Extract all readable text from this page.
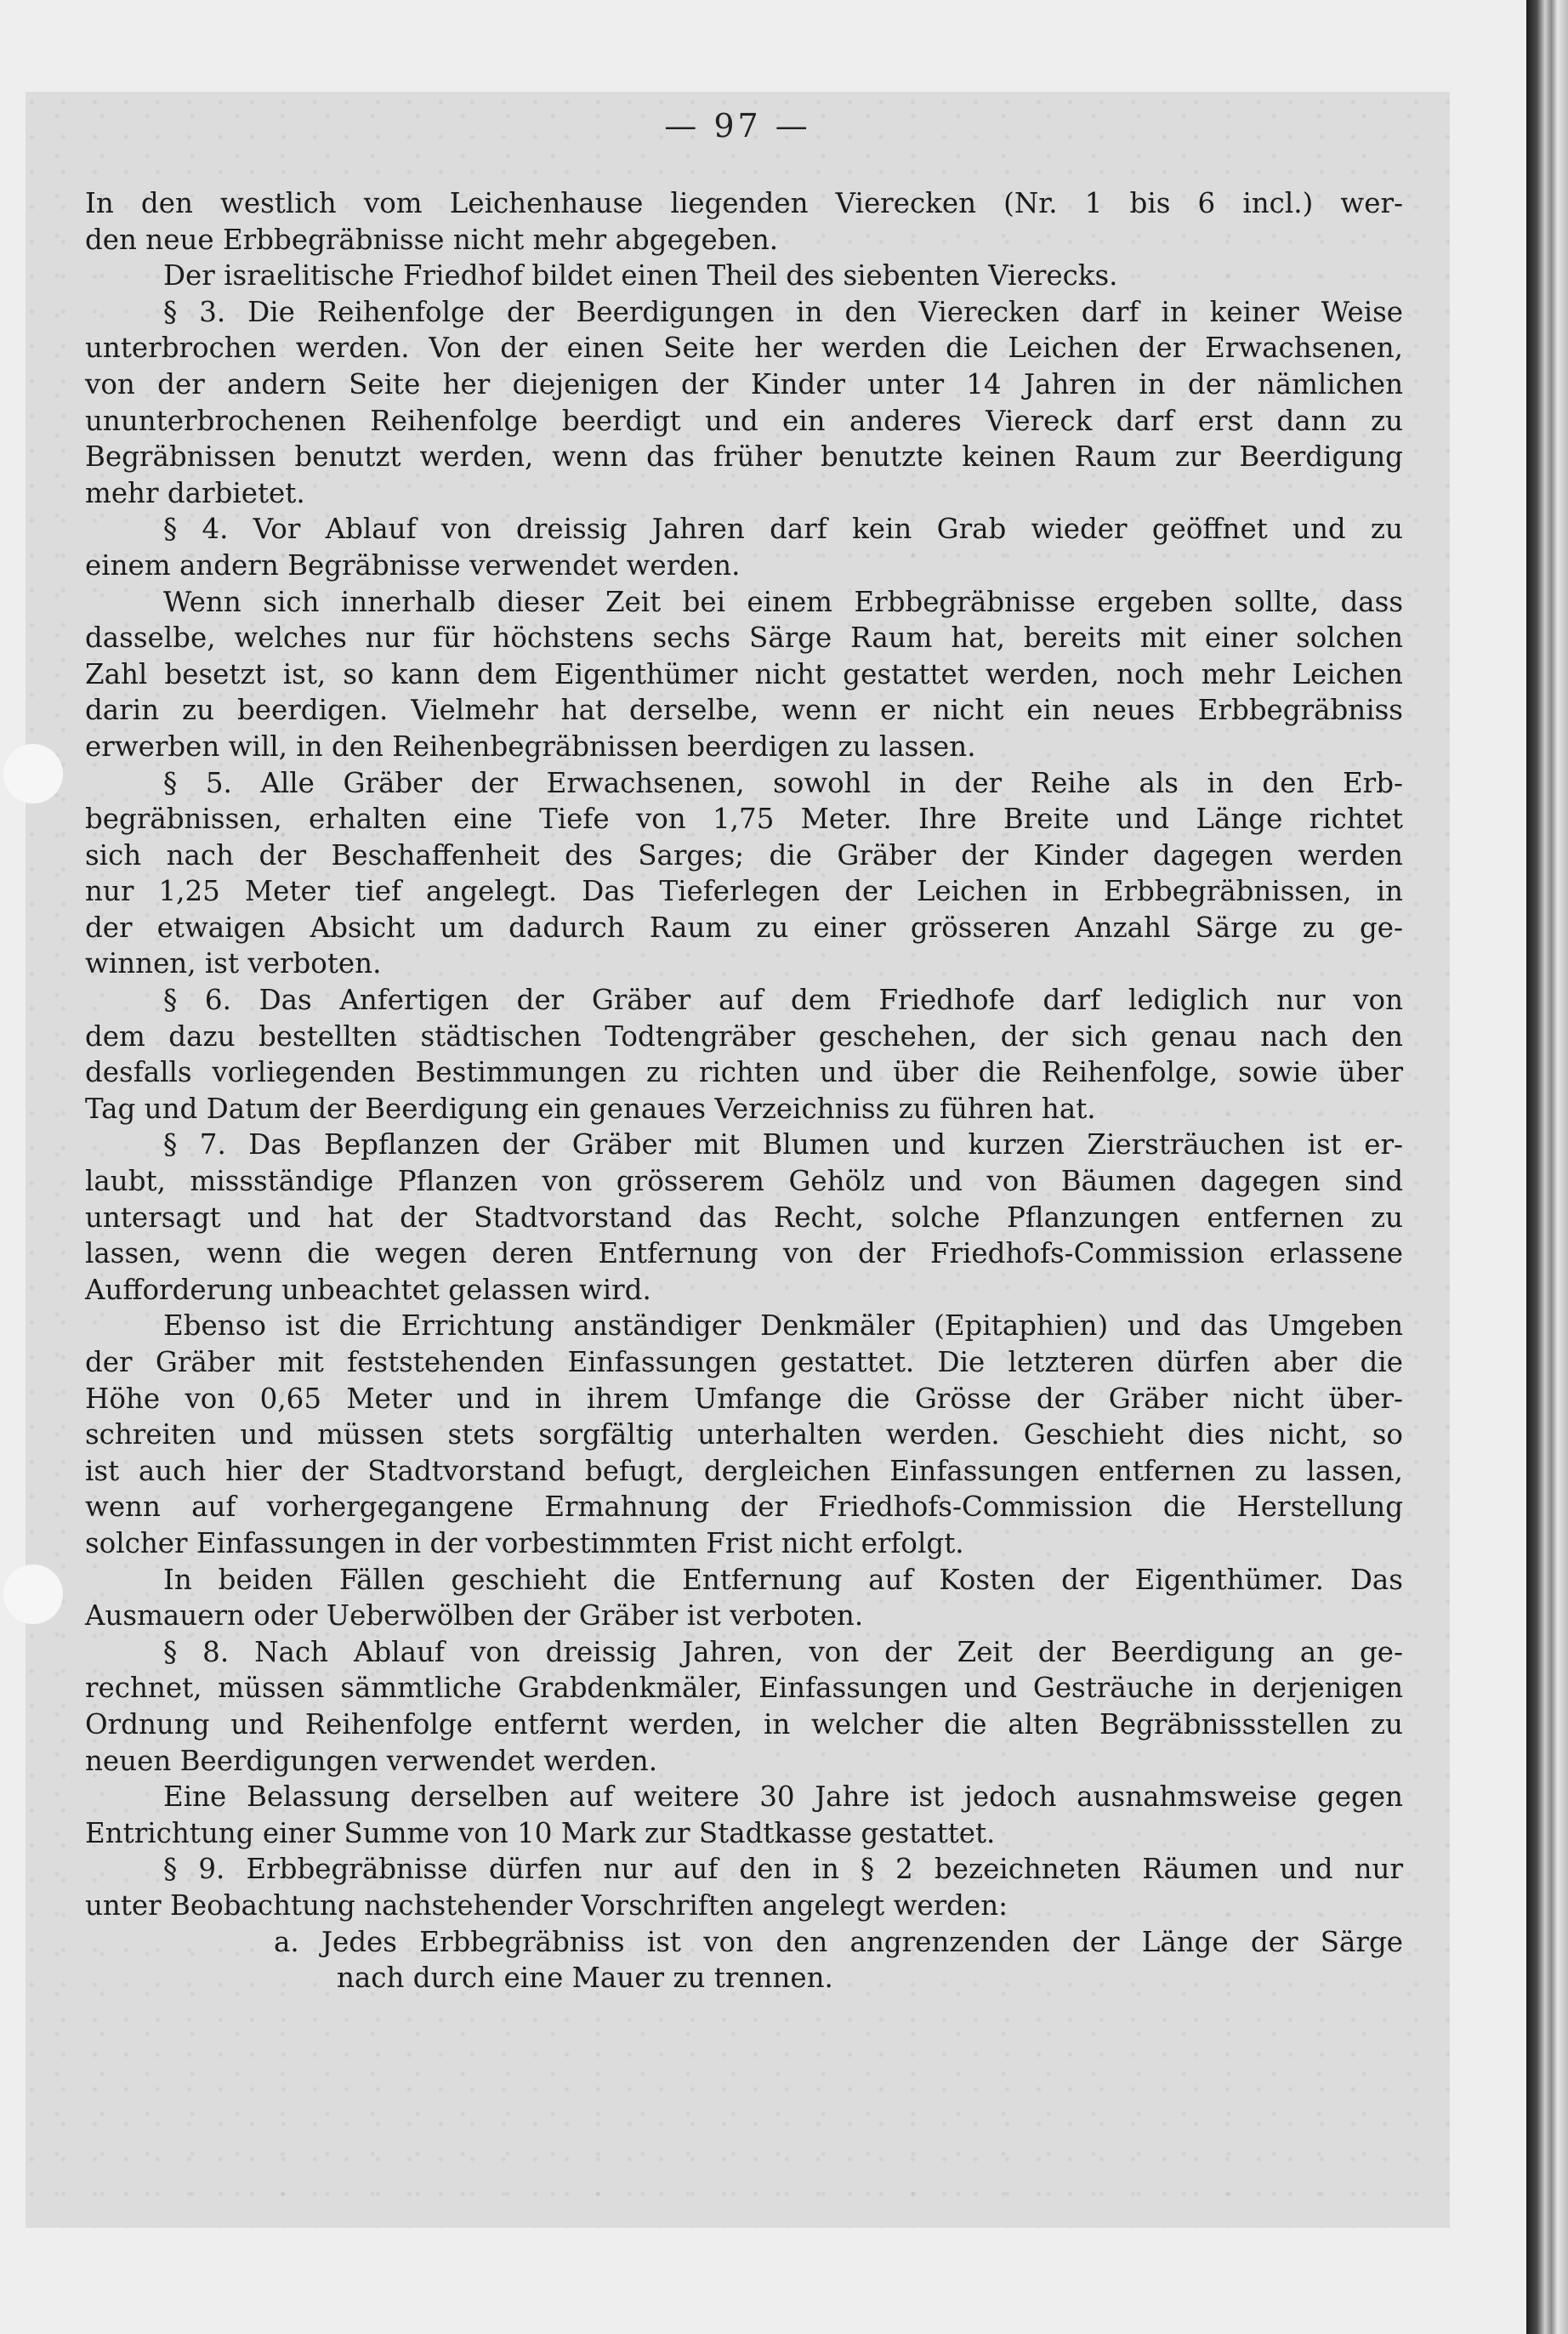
— 97 —
In den westlich vom Leichenhause liegenden Vierecken (Nr. 1 bis 6 incl.) wer-
den neue Erbbegräbnisse nicht mehr abgegeben.
Der israelitische Friedhof bildet einen Theil des siebenten Vierecks.
§ 3. Die Reihenfolge der Beerdigungen in den Vierecken darf in keiner Weise
unterbrochen werden. Von der einen Seite her werden die Leichen der Erwachsenen,
von der andern Seite her diejenigen der Kinder unter 14 Jahren in der nämlichen
ununterbrochenen Reihenfolge beerdigt und ein anderes Viereck darf erst dann zu
Begräbnissen benutzt werden, wenn das früher benutzte keinen Raum zur Beerdigung
mehr darbietet.
§ 4. Vor Ablauf von dreissig Jahren darf kein Grab wieder geöffnet und zu
einem andern Begräbnisse verwendet werden.
Wenn sich innerhalb dieser Zeit bei einem Erbbegräbnisse ergeben sollte, dass
dasselbe, welches nur für höchstens sechs Särge Raum hat, bereits mit einer solchen
Zahl besetzt ist, so kann dem Eigenthümer nicht gestattet werden, noch mehr Leichen
darin zu beerdigen. Vielmehr hat derselbe, wenn er nicht ein neues Erbbegräbniss
erwerben will, in den Reihenbegräbnissen beerdigen zu lassen.
§ 5. Alle Gräber der Erwachsenen, sowohl in der Reihe als in den Erb-
begräbnissen, erhalten eine Tiefe von 1,75 Meter. Ihre Breite und Länge richtet
sich nach der Beschaffenheit des Sarges; die Gräber der Kinder dagegen werden
nur 1,25 Meter tief angelegt. Das Tieferlegen der Leichen in Erbbegräbnissen, in
der etwaigen Absicht um dadurch Raum zu einer grösseren Anzahl Särge zu ge-
winnen, ist verboten.
§ 6. Das Anfertigen der Gräber auf dem Friedhofe darf lediglich nur von
dem dazu bestellten städtischen Todtengräber geschehen, der sich genau nach den
desfalls vorliegenden Bestimmungen zu richten und über die Reihenfolge, sowie über
Tag und Datum der Beerdigung ein genaues Verzeichniss zu führen hat.
§ 7. Das Bepflanzen der Gräber mit Blumen und kurzen Ziersträuchen ist er-
laubt, missständige Pflanzen von grösserem Gehölz und von Bäumen dagegen sind
untersagt und hat der Stadtvorstand das Recht, solche Pflanzungen entfernen zu
lassen, wenn die wegen deren Entfernung von der Friedhofs-Commission erlassene
Aufforderung unbeachtet gelassen wird.
Ebenso ist die Errichtung anständiger Denkmäler (Epitaphien) und das Umgeben
der Gräber mit feststehenden Einfassungen gestattet. Die letzteren dürfen aber die
Höhe von 0,65 Meter und in ihrem Umfange die Grösse der Gräber nicht über-
schreiten und müssen stets sorgfältig unterhalten werden. Geschieht dies nicht, so
ist auch hier der Stadtvorstand befugt, dergleichen Einfassungen entfernen zu lassen,
wenn auf vorhergegangene Ermahnung der Friedhofs-Commission die Herstellung
solcher Einfassungen in der vorbestimmten Frist nicht erfolgt.
In beiden Fällen geschieht die Entfernung auf Kosten der Eigenthümer. Das
Ausmauern oder Ueberwölben der Gräber ist verboten.
§ 8. Nach Ablauf von dreissig Jahren, von der Zeit der Beerdigung an ge-
rechnet, müssen sämmtliche Grabdenkmäler, Einfassungen und Gesträuche in derjenigen
Ordnung und Reihenfolge entfernt werden, in welcher die alten Begräbnissstellen zu
neuen Beerdigungen verwendet werden.
Eine Belassung derselben auf weitere 30 Jahre ist jedoch ausnahmsweise gegen
Entrichtung einer Summe von 10 Mark zur Stadtkasse gestattet.
§ 9. Erbbegräbnisse dürfen nur auf den in § 2 bezeichneten Räumen und nur
unter Beobachtung nachstehender Vorschriften angelegt werden:
a. Jedes Erbbegräbniss ist von den angrenzenden der Länge der Särge
nach durch eine Mauer zu trennen.
